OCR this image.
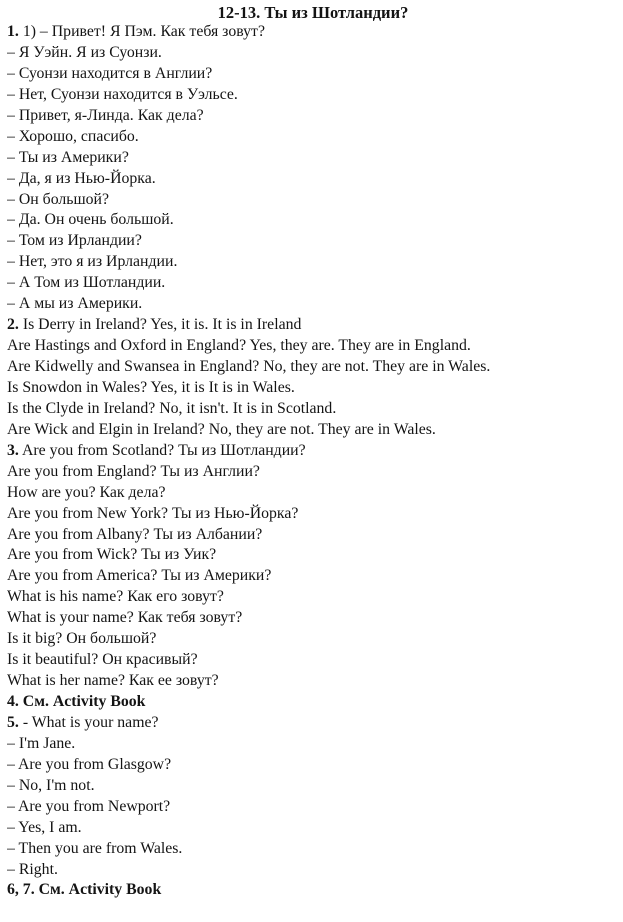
12-13. Ты из Шотландии?
1. 1) – Привет! Я Пэм. Как тебя зовут?
– Я Уэйн. Я из Суонзи.
– Суонзи находится в Англии?
– Нет, Суонзи находится в Уэльсе.
– Привет, я-Линда. Как дела?
– Хорошо, спасибо.
– Ты из Америки?
– Да, я из Нью-Йорка.
– Он большой?
– Да. Он очень большой.
– Том из Ирландии?
– Нет, это я из Ирландии.
– А Том из Шотландии.
– А мы из Америки.
2. Is Derry in Ireland? Yes, it is. It is in Ireland
Are Hastings and Oxford in England? Yes, they are. They are in England.
Are Kidwelly and Swansea in England? No, they are not. They are in Wales.
Is Snowdon in Wales? Yes, it is It is in Wales.
Is the Clyde in Ireland? No, it isn't. It is in Scotland.
Are Wick and Elgin in Ireland? No, they are not. They are in Wales.
3. Are you from Scotland? Ты из Шотландии?
Are you from England? Ты из Англии?
How are you? Как дела?
Are you from New York? Ты из Нью-Йорка?
Are you from Albany? Ты из Албании?
Are you from Wick? Ты из Уик?
Are you from America? Ты из Америки?
What is his name? Как его зовут?
What is your name? Как тебя зовут?
Is it big? Он большой?
Is it beautiful? Он красивый?
What is her name? Как ее зовут?
4. См. Activity Book
5. - What is your name?
– I'm Jane.
– Are you from Glasgow?
– No, I'm not.
– Are you from Newport?
– Yes, I am.
– Then you are from Wales.
– Right.
6, 7. См. Activity Book
